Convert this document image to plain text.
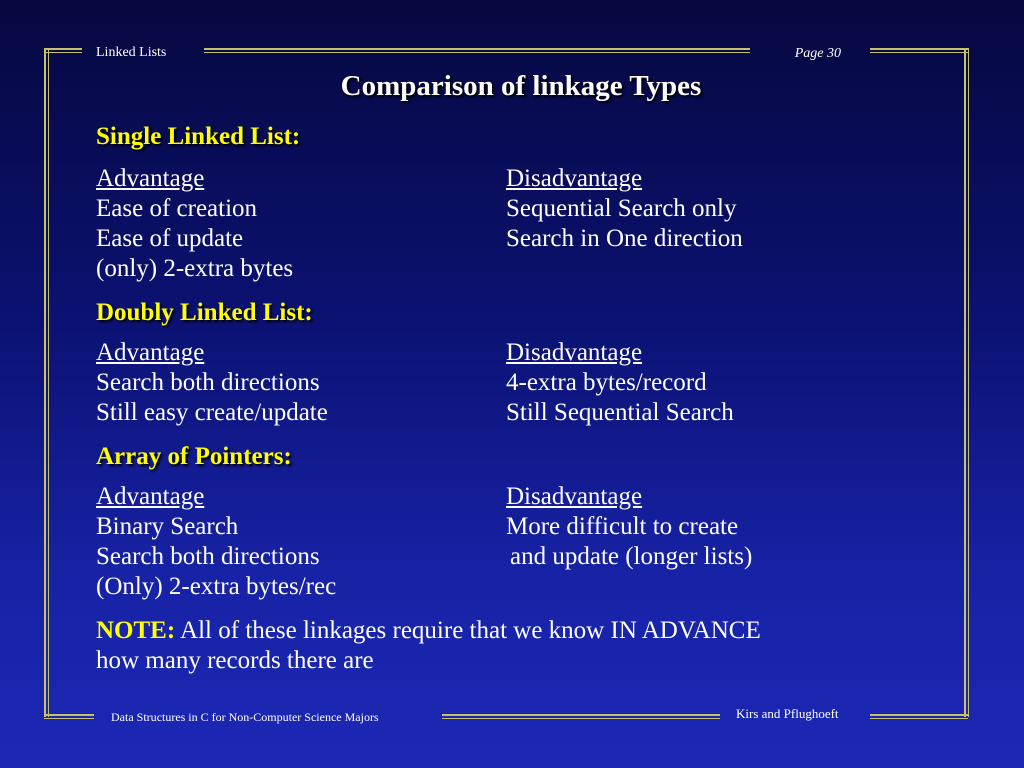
Linked Lists	Page 30
Comparison of linkage Types
Single Linked List:
Advantage	Disadvantage
Ease of creation	Sequential Search only
Ease of update	Search in One direction
(only) 2-extra bytes
Doubly Linked List:
Advantage	Disadvantage
Search both directions	4-extra bytes/record
Still easy create/update	Still Sequential Search
Array of Pointers:
Advantage	Disadvantage
Binary Search	More difficult to create
Search both directions	and update (longer lists)
(Only) 2-extra bytes/rec
NOTE: All of these linkages require that we know IN ADVANCE
how many records there are
Data Structures in C for Non-Computer Science Majors	Kirs and Pflughoeft
